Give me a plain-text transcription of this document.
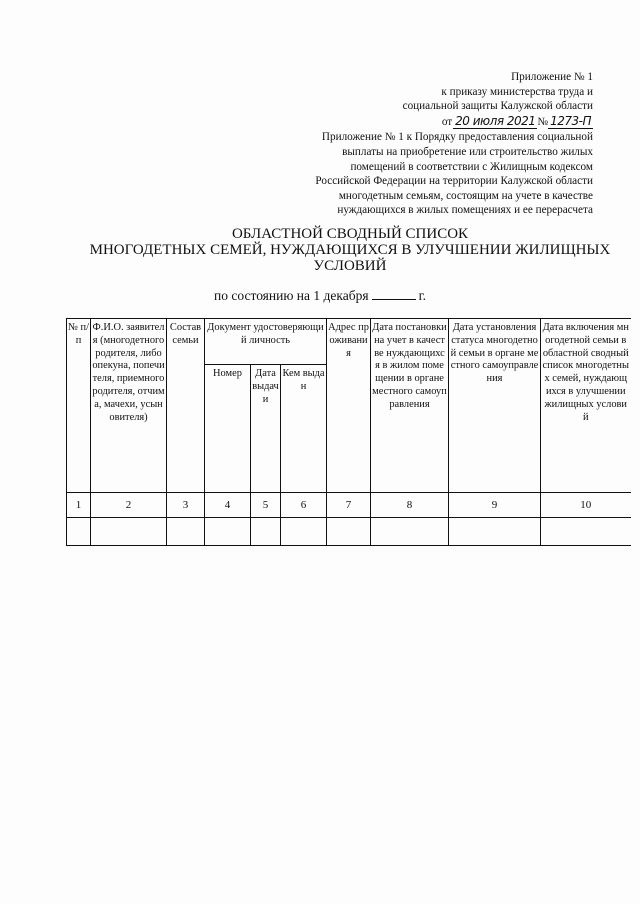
Приложение № 1
к приказу министерства труда и
социальной защиты Калужской области
от 20 июля 2021 № 1273-П
Приложение № 1 к Порядку предоставления социальной
выплаты на приобретение или строительство жилых
помещений в соответствии с Жилищным кодексом
Российской Федерации на территории Калужской области
многодетным семьям, состоящим на учете в качестве
нуждающихся в жилых помещениях и ее перерасчета
ОБЛАСТНОЙ СВОДНЫЙ СПИСОК
МНОГОДЕТНЫХ СЕМЕЙ, НУЖДАЮЩИХСЯ В УЛУЧШЕНИИ ЖИЛИЩНЫХ
УСЛОВИЙ
по состоянию на 1 декабря	г.
№ п/п	Ф.И.О. заявителя (многодетного родителя, либо опекуна, попечителя, приемного родителя, отчима, мачехи, усыновителя)	Состав семьи	Документ удостоверяющий личность			Адрес проживания	Дата постановки на учет в качестве нуждающихся в жилом помещении в органе местного самоуправления	Дата установления статуса многодетной семьи в органе местного самоуправления	Дата включения многодетной семьи в областной сводный список многодетных семей, нуждающихся в улучшении жилищных условий
			Номер	Дата выдачи	Кем выдан				
1	2	3	4	5	6	7	8	9	10
